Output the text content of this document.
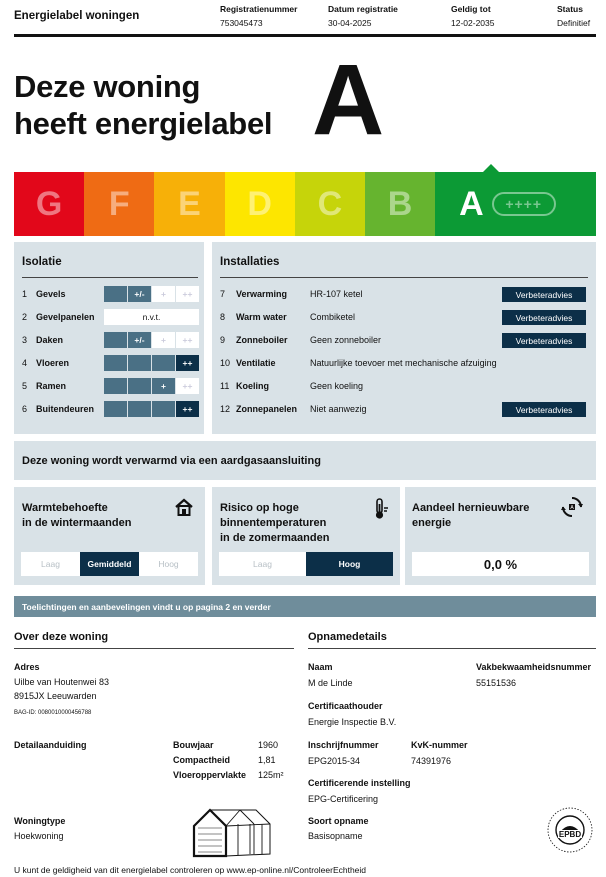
Energielabel woningen
Registratienummer
753045473
Datum registratie
30-04-2025
Geldig tot
12-02-2035
Status
Definitief
Deze woning
heeft energielabel A
G F E D C B A	++++
Isolatie
1 Gevels	+/-	+	++
2 Gevelpanelen	n.v.t.
3 Daken	+/-	+	++
4 Vloeren	++
5 Ramen	+	++
6 Buitendeuren	++
Installaties
7	Verwarming	HR-107 ketel	Verbeteradvies
8	Warm water	Combiketel	Verbeteradvies
9	Zonneboiler	Geen zonneboiler	Verbeteradvies
10 Ventilatie	Natuurlijke toevoer met mechanische afzuiging
11 Koeling	Geen koeling
12 Zonnepanelen	Niet aanwezig	Verbeteradvies
Deze woning wordt verwarmd via een aardgasaansluiting
Warmtebehoefte
in de wintermaanden
Laag	Gemiddeld	Hoog
Risico op hoge
binnentemperaturen
in de zomermaanden
Laag	Hoog
Aandeel hernieuwbare
energie
A
0,0 %
Toelichtingen en aanbevelingen vindt u op pagina 2 en verder
Over deze woning
Adres
Uilbe van Houtenwei 83
8915JX Leeuwarden
BAG-ID: 0080010000456788
Detailaanduiding	Bouwjaar	1960
Compactheid	1,81
Vloeroppervlakte 125m²
Woningtype
Hoekwoning
Opnamedetails
Naam
M de Linde
Vakbekwaamheidsnummer
55151536
Certificaathouder
Energie Inspectie B.V.
Inschrijfnummer
EPG2015-34
KvK-nummer
74391976
Certificerende instelling
EPG-Certificering
Soort opname
Basisopname	EPBD
U kunt de geldigheid van dit energielabel controleren op www.ep-online.nl/ControleerEchtheid
